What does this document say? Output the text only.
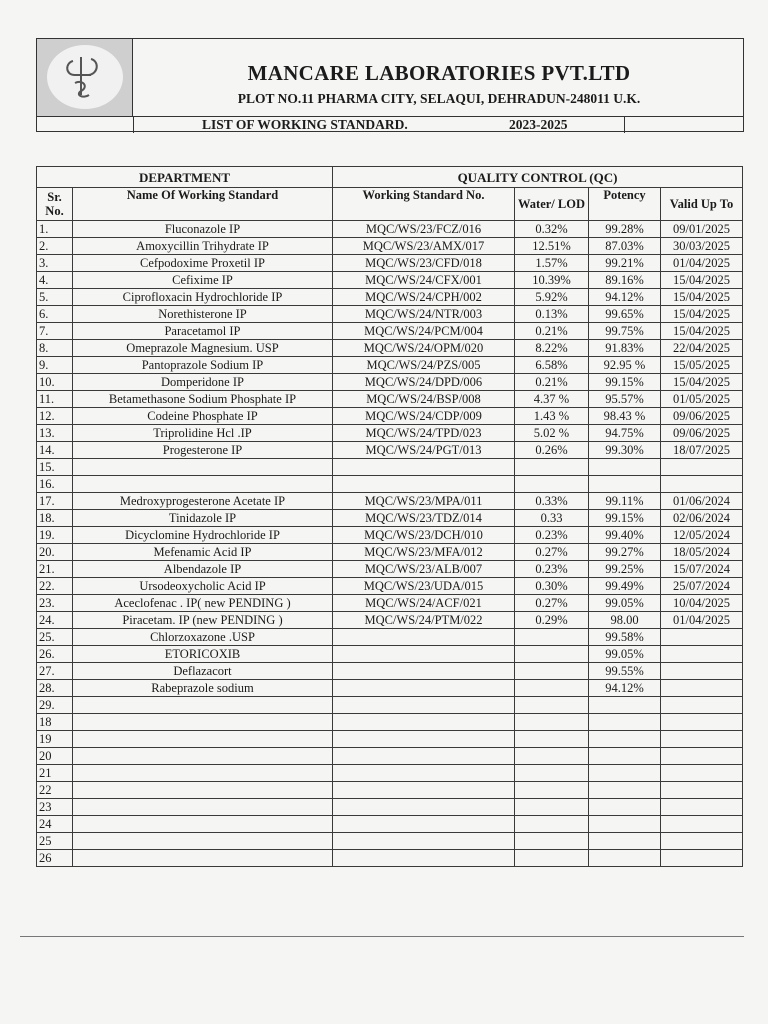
MANCARE LABORATORIES PVT.LTD
PLOT NO.11 PHARMA CITY, SELAQUI, DEHRADUN-248011 U.K.
LIST OF WORKING STANDARD.	2023-2025
DEPARTMENT		QUALITY CONTROL (QC)			
Sr. No.	Name Of Working Standard	Working Standard No.	Water/ LOD	Potency	Valid Up To
1.	Fluconazole IP	MQC/WS/23/FCZ/016	0.32%	99.28%	09/01/2025
2.	Amoxycillin Trihydrate IP	MQC/WS/23/AMX/017	12.51%	87.03%	30/03/2025
3.	Cefpodoxime Proxetil IP	MQC/WS/23/CFD/018	1.57%	99.21%	01/04/2025
4.	Cefixime IP	MQC/WS/24/CFX/001	10.39%	89.16%	15/04/2025
5.	Ciprofloxacin Hydrochloride IP	MQC/WS/24/CPH/002	5.92%	94.12%	15/04/2025
6.	Norethisterone IP	MQC/WS/24/NTR/003	0.13%	99.65%	15/04/2025
7.	Paracetamol IP	MQC/WS/24/PCM/004	0.21%	99.75%	15/04/2025
8.	Omeprazole Magnesium. USP	MQC/WS/24/OPM/020	8.22%	91.83%	22/04/2025
9.	Pantoprazole Sodium IP	MQC/WS/24/PZS/005	6.58%	92.95 %	15/05/2025
10.	Domperidone IP	MQC/WS/24/DPD/006	0.21%	99.15%	15/04/2025
11.	Betamethasone Sodium Phosphate IP	MQC/WS/24/BSP/008	4.37 %	95.57%	01/05/2025
12.	Codeine Phosphate IP	MQC/WS/24/CDP/009	1.43 %	98.43 %	09/06/2025
13.	Triprolidine Hcl .IP	MQC/WS/24/TPD/023	5.02 %	94.75%	09/06/2025
14.	Progesterone IP	MQC/WS/24/PGT/013	0.26%	99.30%	18/07/2025
15.					
16.					
17.	Medroxyprogesterone Acetate IP	MQC/WS/23/MPA/011	0.33%	99.11%	01/06/2024
18.	Tinidazole IP	MQC/WS/23/TDZ/014	0.33	99.15%	02/06/2024
19.	Dicyclomine Hydrochloride IP	MQC/WS/23/DCH/010	0.23%	99.40%	12/05/2024
20.	Mefenamic Acid IP	MQC/WS/23/MFA/012	0.27%	99.27%	18/05/2024
21.	Albendazole IP	MQC/WS/23/ALB/007	0.23%	99.25%	15/07/2024
22.	Ursodeoxycholic Acid IP	MQC/WS/23/UDA/015	0.30%	99.49%	25/07/2024
23.	Aceclofenac . IP( new PENDING )	MQC/WS/24/ACF/021	0.27%	99.05%	10/04/2025
24.	Piracetam. IP (new PENDING )	MQC/WS/24/PTM/022	0.29%	98.00	01/04/2025
25.	Chlorzoxazone .USP			99.58%	
26.	ETORICOXIB			99.05%	
27.	Deflazacort			99.55%	
28.	Rabeprazole sodium			94.12%	
29.					
18					
19					
20					
21					
22					
23					
24					
25					
26					
